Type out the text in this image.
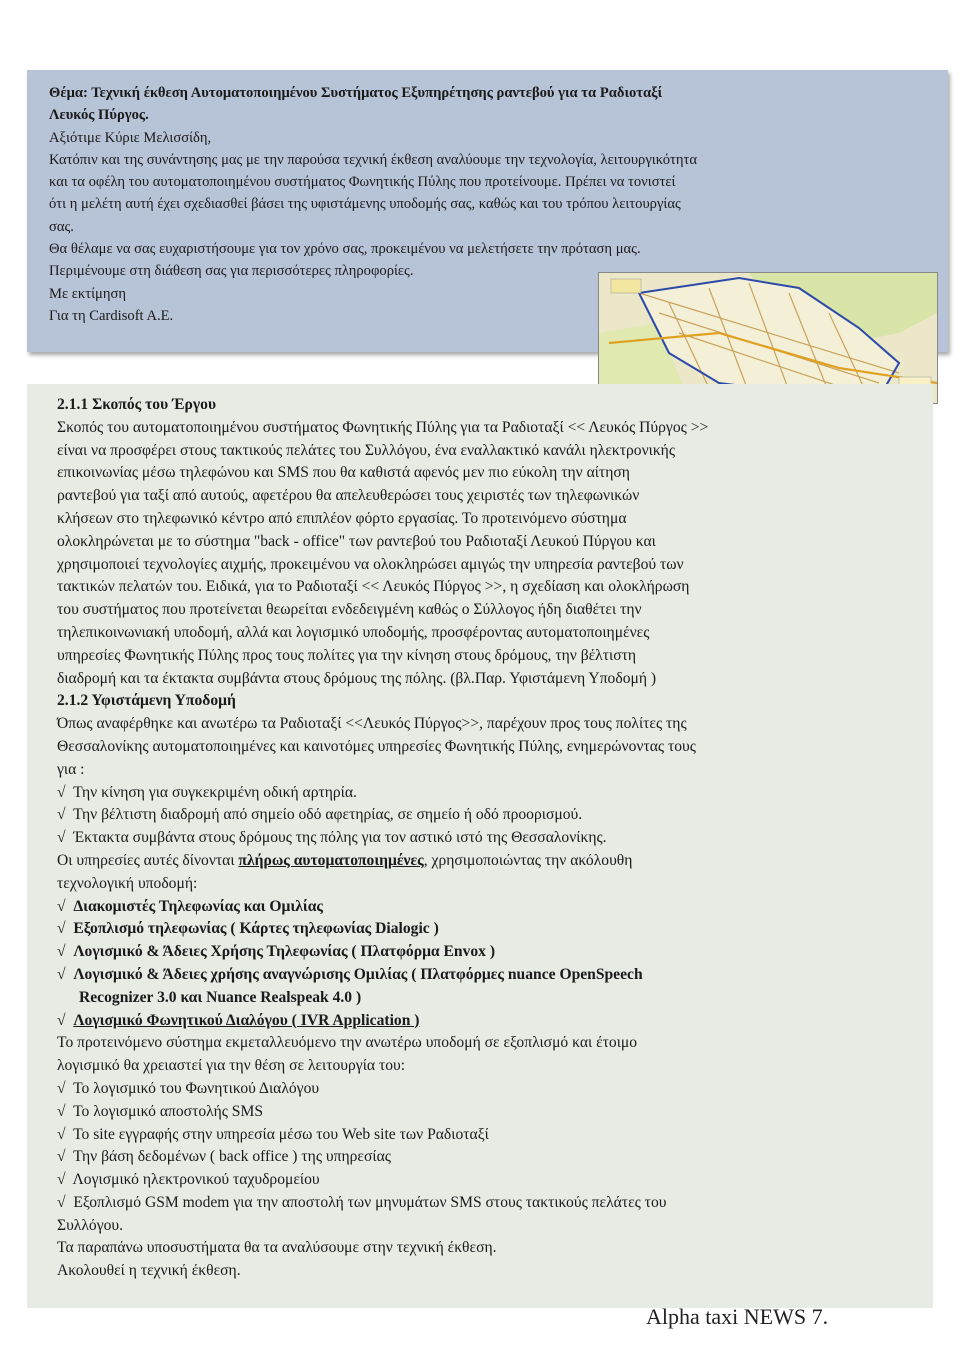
Θέμα: Τεχνική έκθεση Αυτοματοποιημένου Συστήματος Εξυπηρέτησης ραντεβού για τα Ραδιοταξί

Λευκός Πύργος.

Αξιότιμε Κύριε Μελισσίδη,

Κατόπιν και της συνάντησης μας με την παρούσα τεχνική έκθεση αναλύουμε την τεχνολογία, λειτουργικότητα

και τα οφέλη του αυτοματοποιημένου συστήματος Φωνητικής Πύλης που προτείνουμε. Πρέπει να τονιστεί

ότι η μελέτη αυτή έχει σχεδιασθεί βάσει της υφιστάμενης υποδομής σας, καθώς και του τρόπου λειτουργίας

σας.

Θα θέλαμε να σας ευχαριστήσουμε για τον χρόνο σας, προκειμένου να μελετήσετε την πρόταση μας.

Περιμένουμε στη διάθεση σας για περισσότερες πληροφορίες.

Με εκτίμηση

Για τη Cardisoft A.E.

2.1.1 Σκοπός του Έργου

Σκοπός του αυτοματοποιημένου συστήματος Φωνητικής Πύλης για τα Ραδιοταξί << Λευκός Πύργος >>

είναι να προσφέρει στους τακτικούς πελάτες του Συλλόγου, ένα εναλλακτικό κανάλι ηλεκτρονικής

επικοινωνίας μέσω τηλεφώνου και SMS που θα καθιστά αφενός μεν πιο εύκολη την αίτηση

ραντεβού για ταξί από αυτούς, αφετέρου θα απελευθερώσει τους χειριστές των τηλεφωνικών

κλήσεων στο τηλεφωνικό κέντρο από επιπλέον φόρτο εργασίας. Το προτεινόμενο σύστημα

ολοκληρώνεται με το σύστημα "back - office" των ραντεβού του Ραδιοταξί Λευκού Πύργου και

χρησιμοποιεί τεχνολογίες αιχμής, προκειμένου να ολοκληρώσει αμιγώς την υπηρεσία ραντεβού των

τακτικών πελατών του. Ειδικά, για το Ραδιοταξί << Λευκός Πύργος >>, η σχεδίαση και ολοκλήρωση

του συστήματος που προτείνεται θεωρείται ενδεδειγμένη καθώς ο Σύλλογος ήδη διαθέτει την

τηλεπικοινωνιακή υποδομή, αλλά και λογισμικό υποδομής, προσφέροντας αυτοματοποιημένες

υπηρεσίες Φωνητικής Πύλης προς τους πολίτες για την κίνηση στους δρόμους, την βέλτιστη

διαδρομή και τα έκτακτα συμβάντα στους δρόμους της πόλης. (βλ.Παρ. Υφιστάμενη Υποδομή )

2.1.2 Υφιστάμενη Υποδομή

Όπως αναφέρθηκε και ανωτέρω τα Ραδιοταξί <<Λευκός Πύργος>>, παρέχουν προς τους πολίτες της

Θεσσαλονίκης αυτοματοποιημένες και καινοτόμες υπηρεσίες Φωνητικής Πύλης, ενημερώνοντας τους

για :

√ Την κίνηση για συγκεκριμένη οδική αρτηρία.

√ Την βέλτιστη διαδρομή από σημείο οδό αφετηρίας, σε σημείο ή οδό προορισμού.

√ Έκτακτα συμβάντα στους δρόμους της πόλης για τον αστικό ιστό της Θεσσαλονίκης.

Οι υπηρεσίες αυτές δίνονται πλήρως αυτοματοποιημένες, χρησιμοποιώντας την ακόλουθη

τεχνολογική υποδομή:

√ Διακομιστές Τηλεφωνίας και Ομιλίας

√ Εξοπλισμό τηλεφωνίας ( Κάρτες τηλεφωνίας Dialogic )

√ Λογισμικό & Άδειες Χρήσης Τηλεφωνίας ( Πλατφόρμα Envox )

√ Λογισμικό & Άδειες χρήσης αναγνώρισης Ομιλίας ( Πλατφόρμες nuance OpenSpeech

Recognizer 3.0 και Nuance Realspeak 4.0 )

√ Λογισμικό Φωνητικού Διαλόγου ( IVR Application )

Το προτεινόμενο σύστημα εκμεταλλευόμενο την ανωτέρω υποδομή σε εξοπλισμό και έτοιμο

λογισμικό θα χρειαστεί για την θέση σε λειτουργία του:

√ Το λογισμικό του Φωνητικού Διαλόγου

√ Το λογισμικό αποστολής SMS

√ Το site εγγραφής στην υπηρεσία μέσω του Web site των Ραδιοταξί

√ Την βάση δεδομένων ( back office ) της υπηρεσίας

√ Λογισμικό ηλεκτρονικού ταχυδρομείου

√ Εξοπλισμό GSM modem για την αποστολή των μηνυμάτων SMS στους τακτικούς πελάτες του

Συλλόγου.

Τα παραπάνω υποσυστήματα θα τα αναλύσουμε στην τεχνική έκθεση.

Ακολουθεί η τεχνική έκθεση.

Alpha taxi NEWS 7.
